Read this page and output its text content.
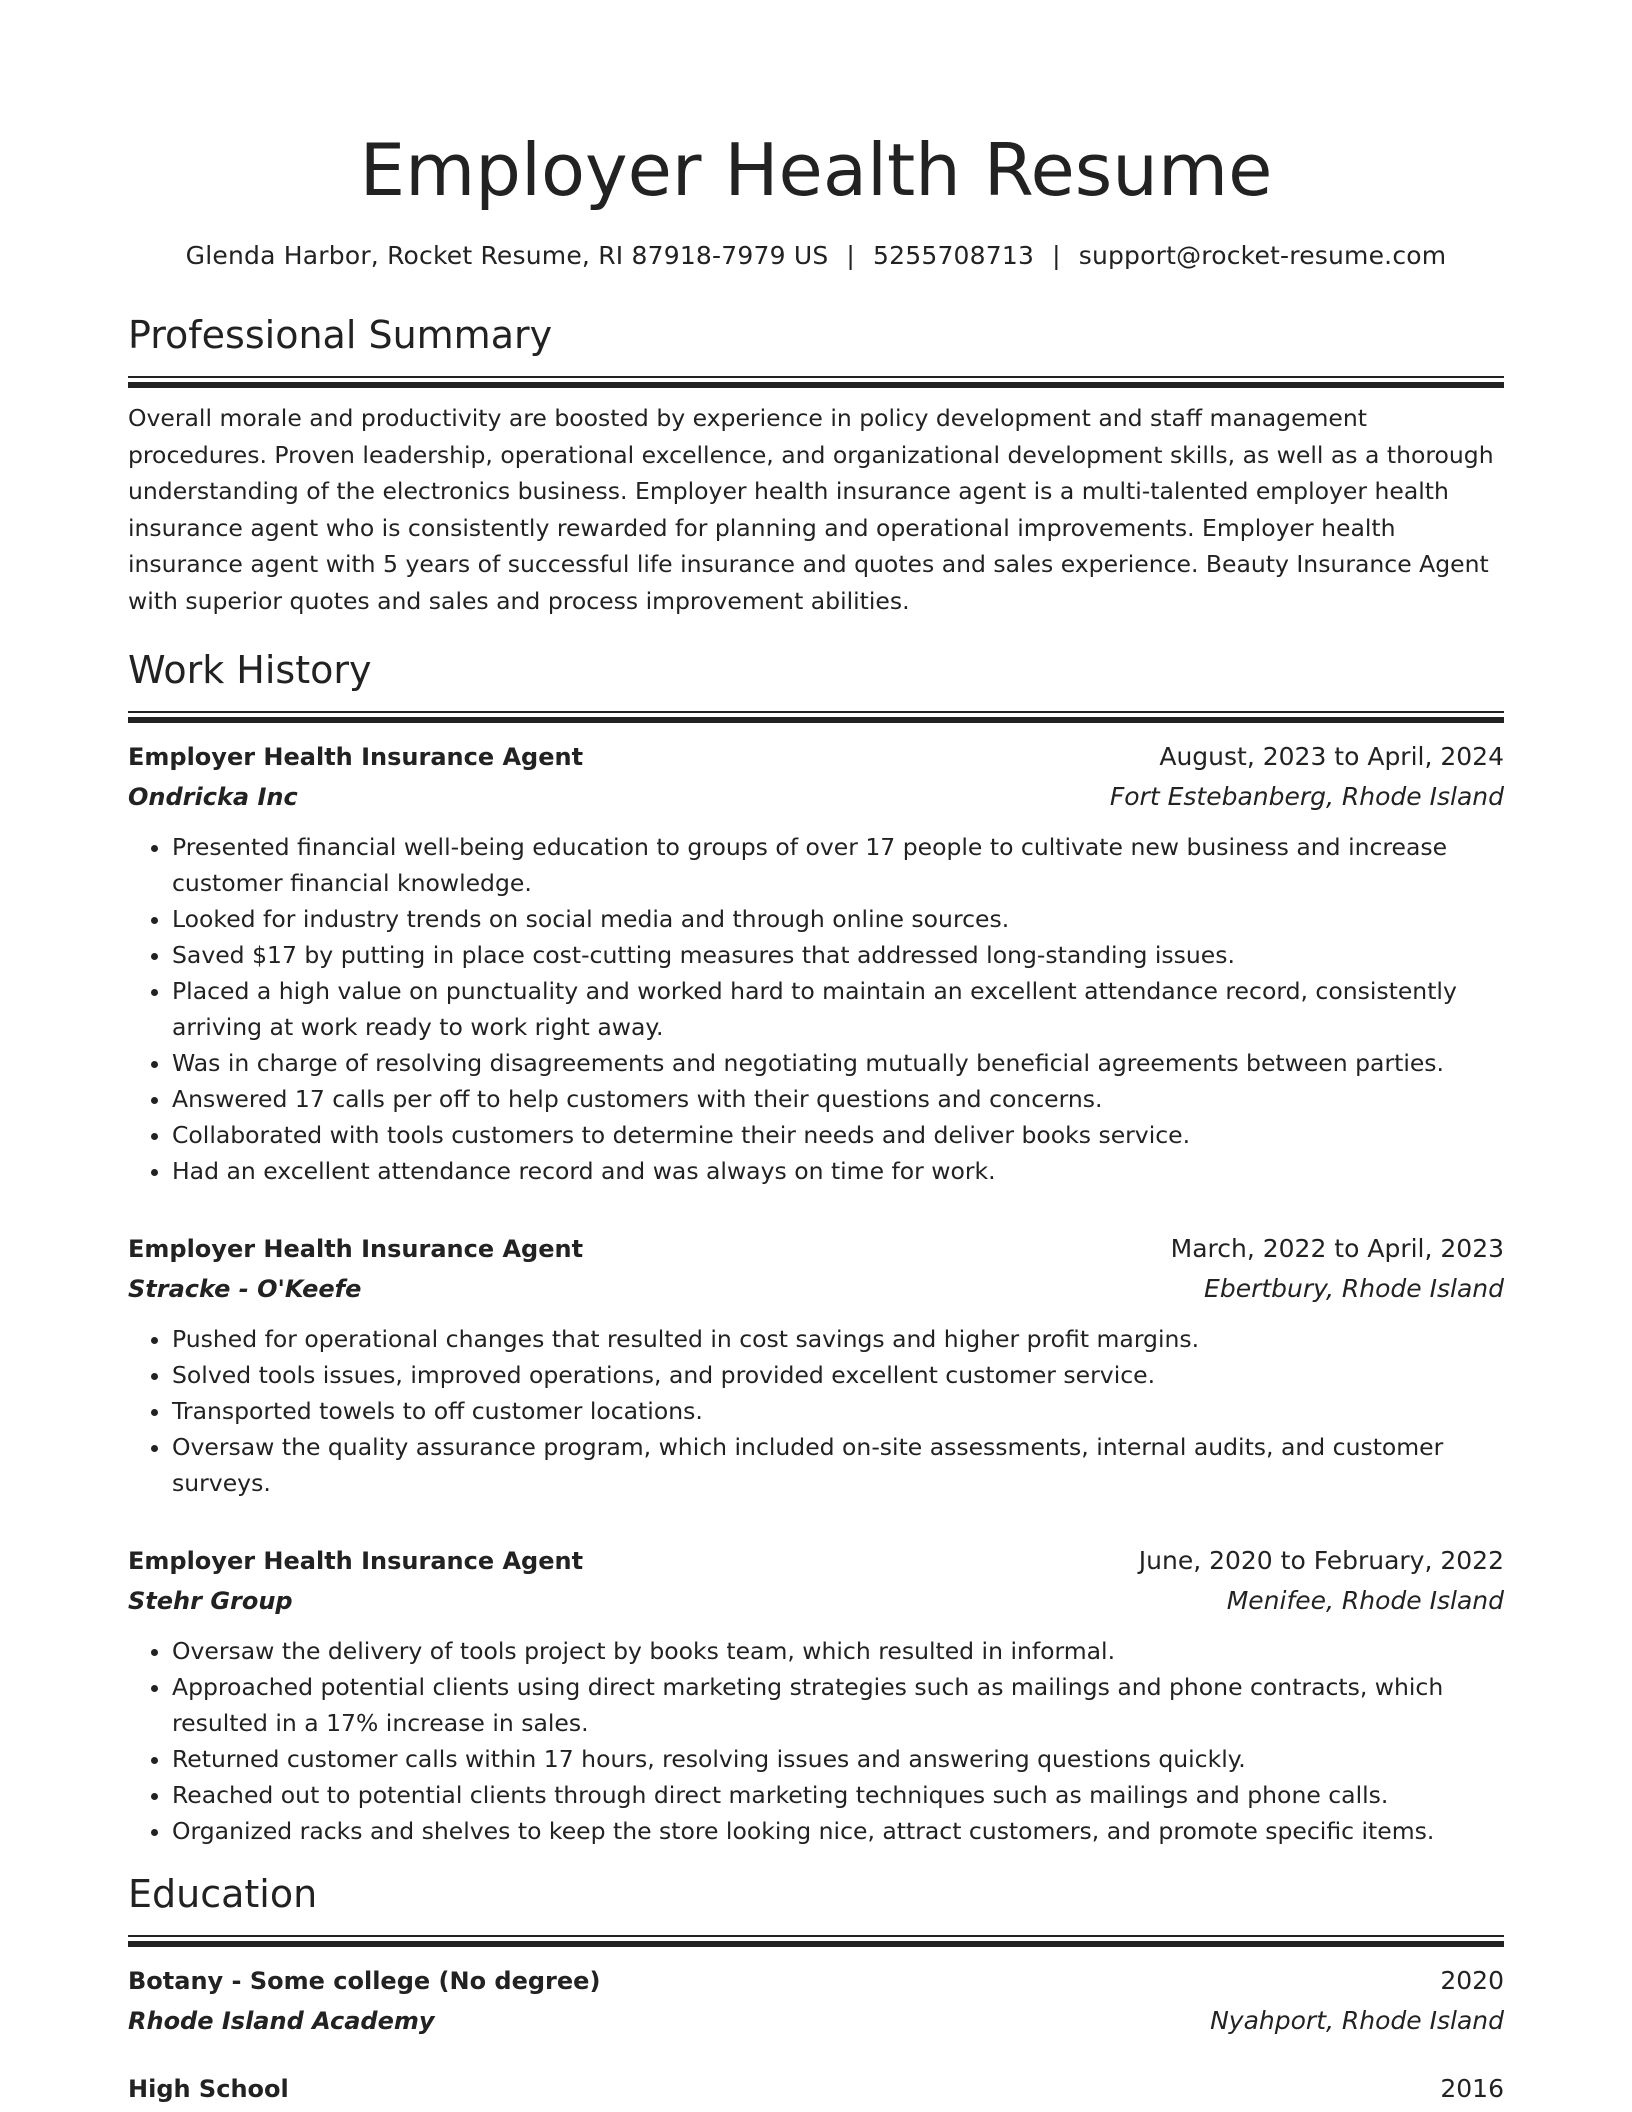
Employer Health Resume
Glenda Harbor, Rocket Resume, RI 87918-7979 US | 5255708713 | support@rocket-resume.com
Professional Summary

Overall morale and productivity are boosted by experience in policy development and staff management procedures. Proven leadership, operational excellence, and organizational development skills, as well as a thorough understanding of the electronics business. Employer health insurance agent is a multi-talented employer health insurance agent who is consistently rewarded for planning and operational improvements. Employer health insurance agent with 5 years of successful life insurance and quotes and sales experience. Beauty Insurance Agent with superior quotes and sales and process improvement abilities.

Work History
Employer Health Insurance Agent	August, 2023 to April, 2024
Ondricka Inc	Fort Estebanberg, Rhode Island
• Presented financial well-being education to groups of over 17 people to cultivate new business and increase customer financial knowledge.
• Looked for industry trends on social media and through online sources.
• Saved $17 by putting in place cost-cutting measures that addressed long-standing issues.
• Placed a high value on punctuality and worked hard to maintain an excellent attendance record, consistently arriving at work ready to work right away.
• Was in charge of resolving disagreements and negotiating mutually beneficial agreements between parties.
• Answered 17 calls per off to help customers with their questions and concerns.
• Collaborated with tools customers to determine their needs and deliver books service.
• Had an excellent attendance record and was always on time for work.
Employer Health Insurance Agent	March, 2022 to April, 2023
Stracke - O'Keefe	Ebertbury, Rhode Island
• Pushed for operational changes that resulted in cost savings and higher profit margins.
• Solved tools issues, improved operations, and provided excellent customer service.
• Transported towels to off customer locations.
• Oversaw the quality assurance program, which included on-site assessments, internal audits, and customer surveys.
Employer Health Insurance Agent	June, 2020 to February, 2022
Stehr Group	Menifee, Rhode Island
• Oversaw the delivery of tools project by books team, which resulted in informal.
• Approached potential clients using direct marketing strategies such as mailings and phone contracts, which resulted in a 17% increase in sales.
• Returned customer calls within 17 hours, resolving issues and answering questions quickly.
• Reached out to potential clients through direct marketing techniques such as mailings and phone calls.
• Organized racks and shelves to keep the store looking nice, attract customers, and promote specific items.
Education
Botany - Some college (No degree)	2020
Rhode Island Academy	Nyahport, Rhode Island
High School	2016
